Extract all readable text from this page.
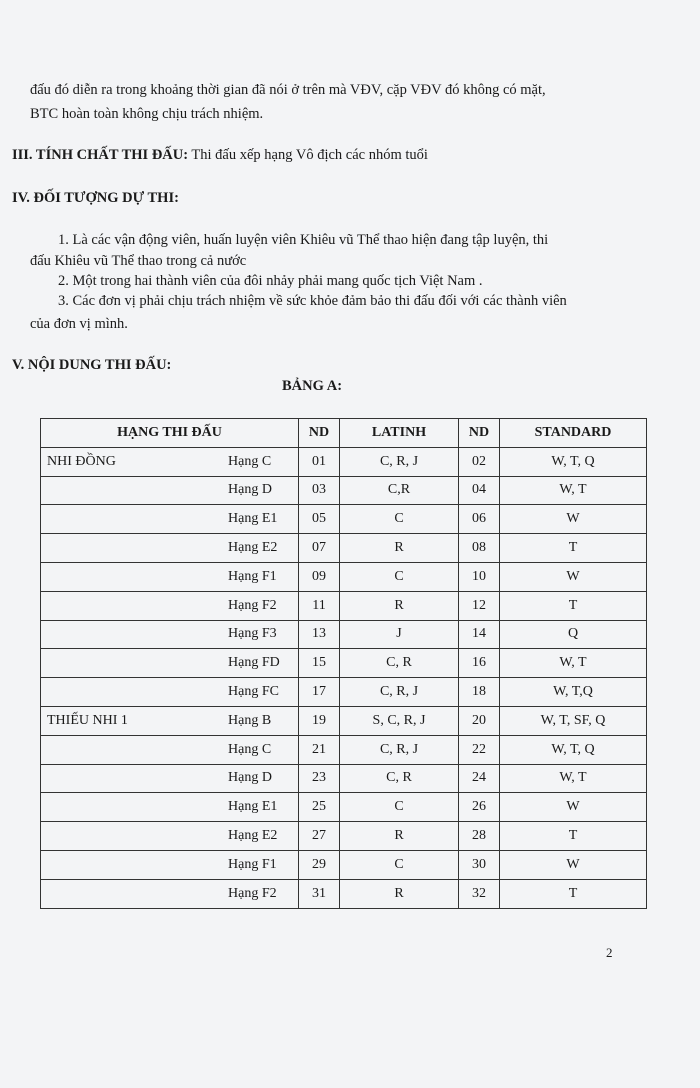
đấu đó diễn ra trong khoảng thời gian đã nói ở trên mà VĐV, cặp VĐV đó không có mặt,
BTC hoàn toàn không chịu trách nhiệm.
III. TÍNH CHẤT THI ĐẤU: Thi đấu xếp hạng Vô địch các nhóm tuổi
IV. ĐỐI TƯỢNG DỰ THI:
1. Là các vận động viên, huấn luyện viên Khiêu vũ Thể thao hiện đang tập luyện, thi
đấu Khiêu vũ Thể thao trong cả nước
2. Một trong hai thành viên của đôi nhảy phải mang quốc tịch Việt Nam .
3. Các đơn vị phải chịu trách nhiệm về sức khỏe đảm bảo thi đấu đối với các thành viên
của đơn vị mình.
V. NỘI DUNG THI ĐẤU:
BẢNG A:
HẠNG THI ĐẤU		ND	LATINH	ND	STANDARD
NHI ĐỒNG	Hạng C	01	C, R, J	02	W, T, Q
	Hạng D	03	C,R	04	W, T
	Hạng E1	05	C	06	W
	Hạng E2	07	R	08	T
	Hạng F1	09	C	10	W
	Hạng F2	11	R	12	T
	Hạng F3	13	J	14	Q
	Hạng FD	15	C, R	16	W, T
	Hạng FC	17	C, R, J	18	W, T,Q
THIẾU NHI 1	Hạng B	19	S, C, R, J	20	W, T, SF, Q
	Hạng C	21	C, R, J	22	W, T, Q
	Hạng D	23	C, R	24	W, T
	Hạng E1	25	C	26	W
	Hạng E2	27	R	28	T
	Hạng F1	29	C	30	W
	Hạng F2	31	R	32	T
2
